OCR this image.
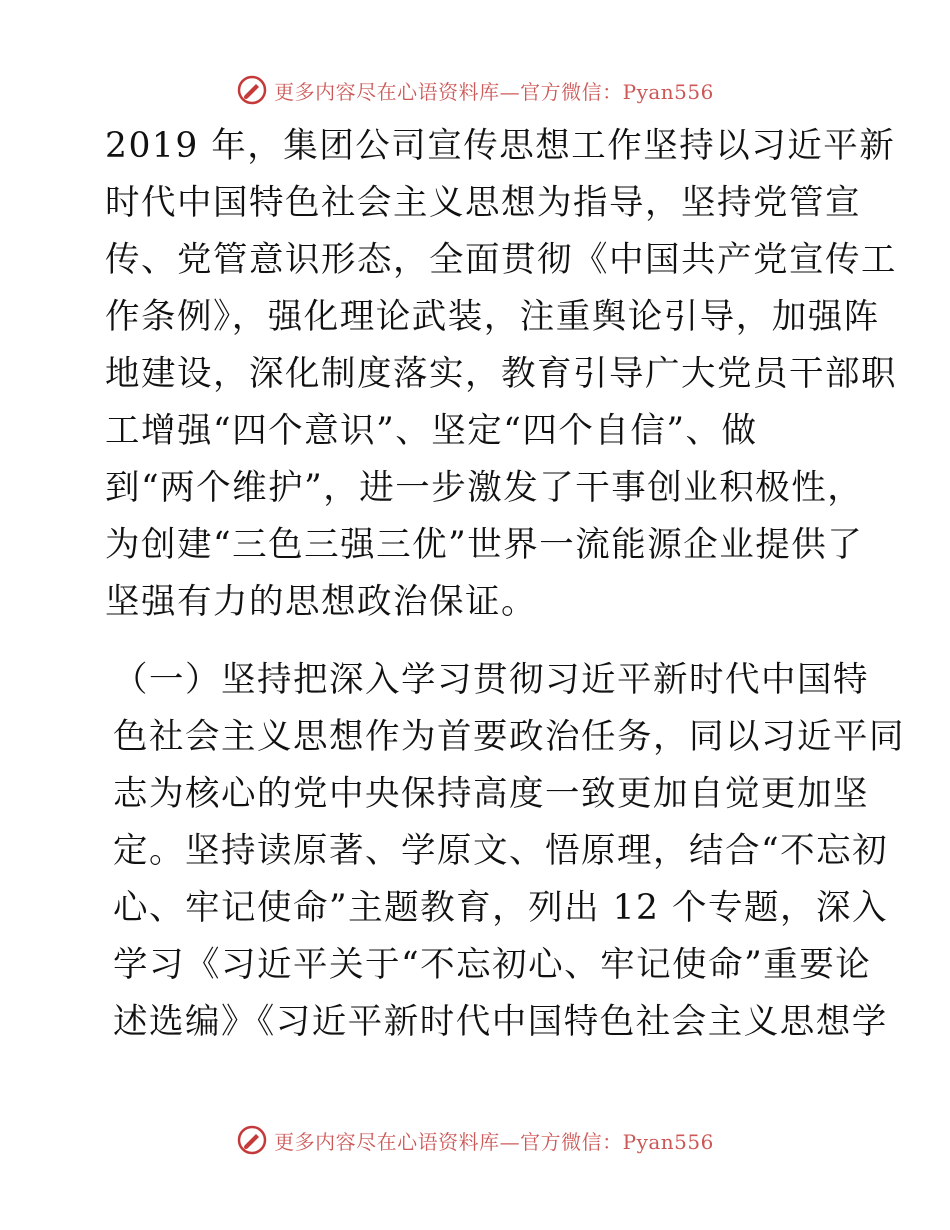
更多内容尽在心语资料库—官方微信：Pyan556

2019 年，集团公司宣传思想工作坚持以习近平新
时代中国特色社会主义思想为指导，坚持党管宣
传、党管意识形态，全面贯彻《中国共产党宣传工
作条例》，强化理论武装，注重舆论引导，加强阵
地建设，深化制度落实，教育引导广大党员干部职
工增强“四个意识”、坚定“四个自信”、做
到“两个维护”，进一步激发了干事创业积极性，
为创建“三色三强三优”世界一流能源企业提供了
坚强有力的思想政治保证。

（一）坚持把深入学习贯彻习近平新时代中国特
色社会主义思想作为首要政治任务，同以习近平同
志为核心的党中央保持高度一致更加自觉更加坚
定。坚持读原著、学原文、悟原理，结合“不忘初
心、牢记使命”主题教育，列出 12 个专题，深入
学习《习近平关于“不忘初心、牢记使命”重要论
述选编》《习近平新时代中国特色社会主义思想学

更多内容尽在心语资料库—官方微信：Pyan556
